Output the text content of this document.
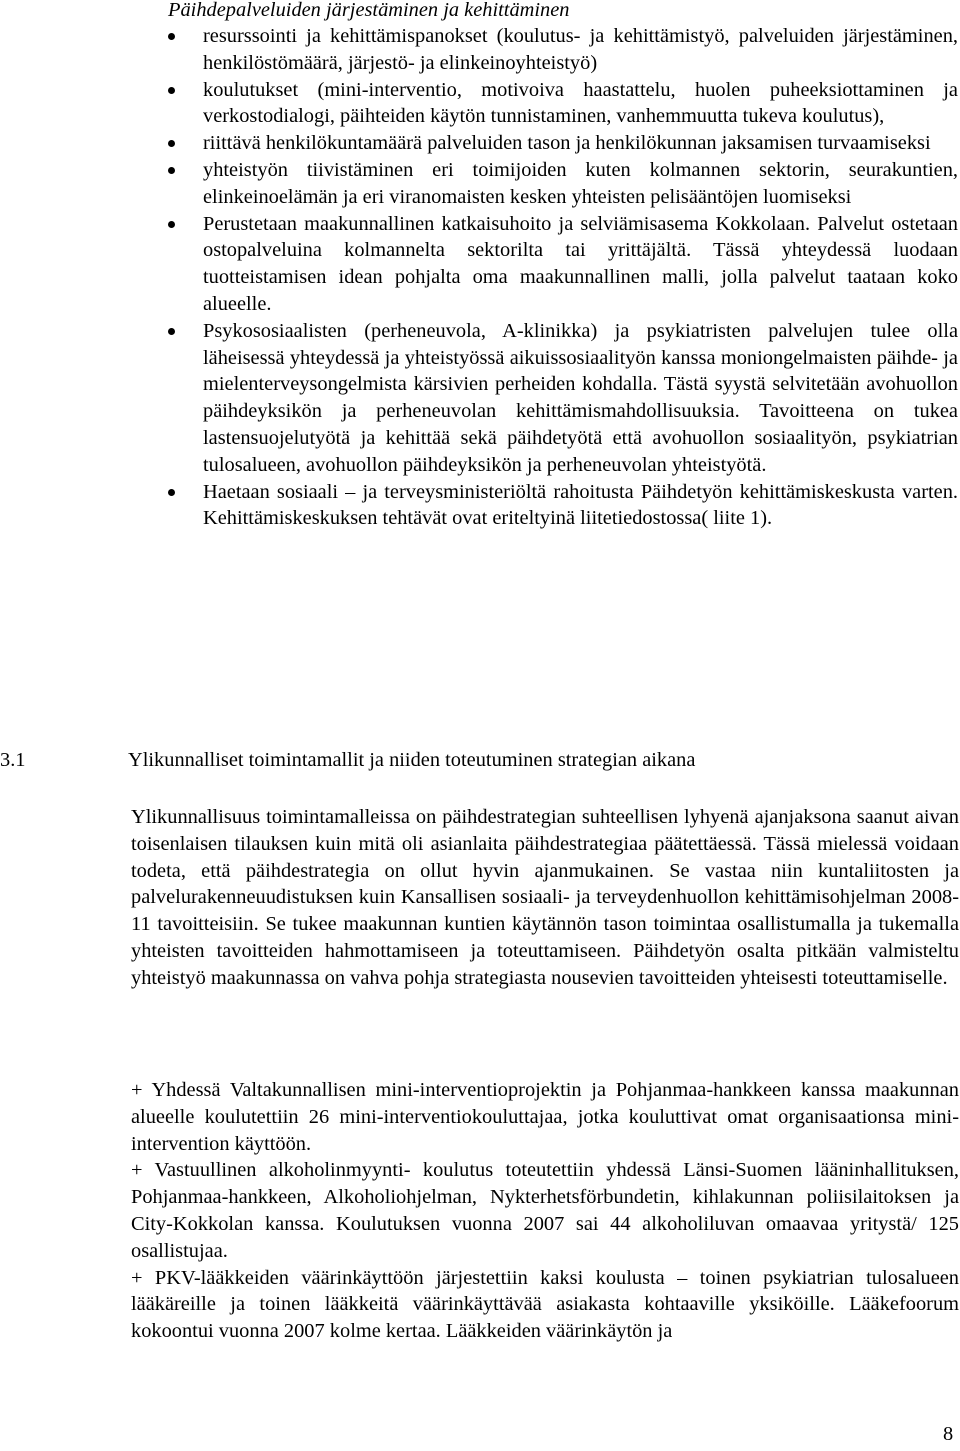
Päihdepalveluiden järjestäminen ja kehittäminen
resurssointi ja kehittämispanokset (koulutus- ja kehittämistyö, palveluiden järjestäminen, henkilöstömäärä, järjestö- ja elinkeinoyhteistyö)
koulutukset (mini-interventio, motivoiva haastattelu, huolen puheeksiottaminen ja verkostodialogi, päihteiden käytön tunnistaminen, vanhemmuutta tukeva koulutus),
riittävä henkilökuntamäärä palveluiden tason ja henkilökunnan jaksamisen turvaamiseksi
yhteistyön tiivistäminen eri toimijoiden kuten kolmannen sektorin, seurakuntien, elinkeinoelämän ja eri viranomaisten kesken yhteisten pelisääntöjen luomiseksi
Perustetaan maakunnallinen katkaisuhoito ja selviämisasema Kokkolaan. Palvelut ostetaan ostopalveluina kolmannelta sektorilta tai yrittäjältä. Tässä yhteydessä luodaan tuotteistamisen idean pohjalta oma maakunnallinen malli, jolla palvelut taataan koko alueelle.
Psykososiaalisten (perheneuvola, A-klinikka) ja psykiatristen palvelujen tulee olla läheisessä yhteydessä ja yhteistyössä aikuissosiaalityön kanssa moniongelmaisten päihde- ja mielenterveysongelmista kärsivien perheiden kohdalla. Tästä syystä selvitetään avohuollon päihdeyksikön ja perheneuvolan kehittämismahdollisuuksia. Tavoitteena on tukea lastensuojelutyötä ja kehittää sekä päihdetyötä että avohuollon sosiaalityön, psykiatrian tulosalueen, avohuollon päihdeyksikön ja perheneuvolan yhteistyötä.
Haetaan sosiaali – ja terveysministeriöltä rahoitusta Päihdetyön kehittämiskeskusta varten. Kehittämiskeskuksen tehtävät ovat eriteltyinä liitetiedostossa( liite 1).
3.1	Ylikunnalliset toimintamallit ja niiden toteutuminen strategian aikana

Ylikunnallisuus toimintamalleissa on päihdestrategian suhteellisen lyhyenä ajanjaksona saanut aivan toisenlaisen tilauksen kuin mitä oli asianlaita päihdestrategiaa päätettäessä. Tässä mielessä voidaan todeta, että päihdestrategia on ollut hyvin ajanmukainen. Se vastaa niin kuntaliitosten ja palvelurakenneuudistuksen kuin Kansallisen sosiaali- ja terveydenhuollon kehittämisohjelman 2008-11 tavoitteisiin. Se tukee maakunnan kuntien käytännön tason toimintaa osallistumalla ja tukemalla yhteisten tavoitteiden hahmottamiseen ja toteuttamiseen. Päihdetyön osalta pitkään valmisteltu yhteistyö maakunnassa on vahva pohja strategiasta nousevien tavoitteiden yhteisesti toteuttamiselle.

+ Yhdessä Valtakunnallisen mini-interventioprojektin ja Pohjanmaa-hankkeen kanssa maakunnan alueelle koulutettiin 26 mini-interventiokouluttajaa, jotka kouluttivat omat organisaationsa mini-intervention käyttöön.

+ Vastuullinen alkoholinmyynti- koulutus toteutettiin yhdessä Länsi-Suomen lääninhallituksen, Pohjanmaa-hankkeen, Alkoholiohjelman, Nykterhetsförbundetin, kihlakunnan poliisilaitoksen ja City-Kokkolan kanssa. Koulutuksen vuonna 2007 sai 44 alkoholiluvan omaavaa yritystä/ 125 osallistujaa.

+ PKV-lääkkeiden väärinkäyttöön järjestettiin kaksi koulusta – toinen psykiatrian tulosalueen lääkäreille ja toinen lääkkeitä väärinkäyttävää asiakasta kohtaaville yksiköille. Lääkefoorum kokoontui vuonna 2007 kolme kertaa. Lääkkeiden väärinkäytön ja

8
